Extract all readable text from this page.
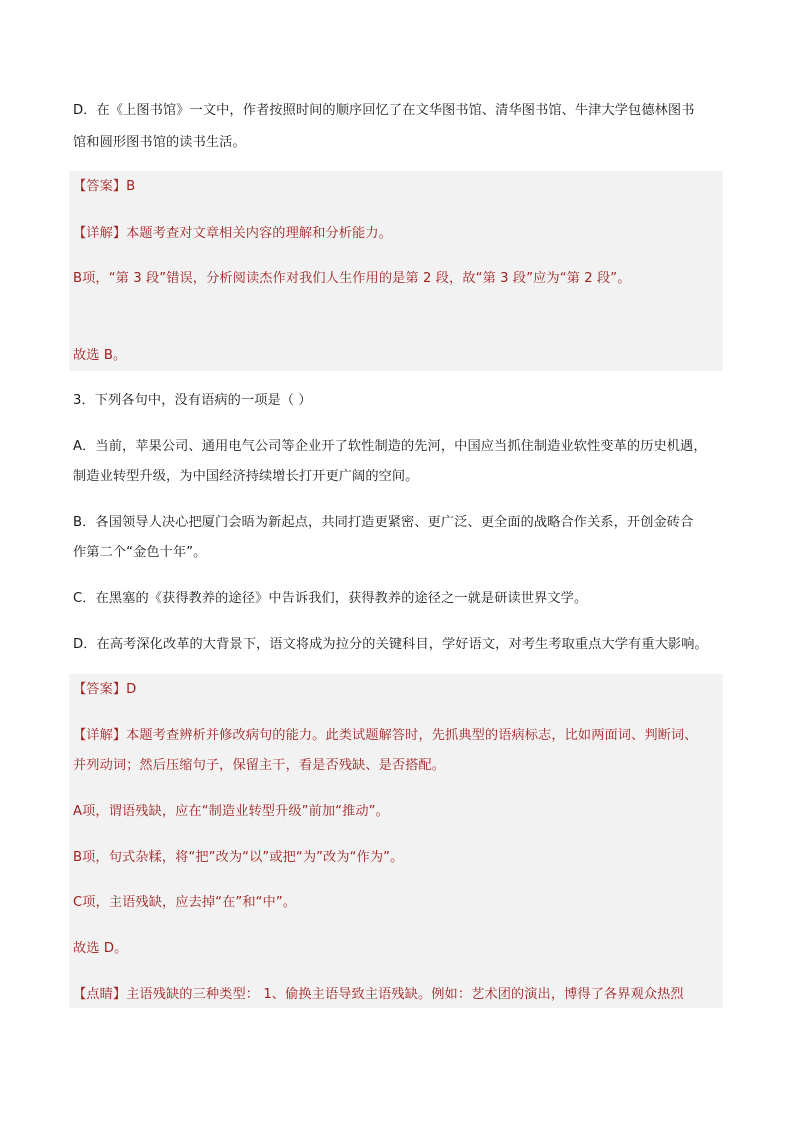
D．在《上图书馆》一文中，作者按照时间的顺序回忆了在文华图书馆、清华图书馆、牛津大学包德林图书
馆和圆形图书馆的读书生活。
【答案】B
【详解】本题考查对文章相关内容的理解和分析能力。
B项，“第 3 段”错误，分析阅读杰作对我们人生作用的是第 2 段，故“第 3 段”应为“第 2 段”。
故选 B。
3．下列各句中，没有语病的一项是（ ）
A．当前，苹果公司、通用电气公司等企业开了软性制造的先河，中国应当抓住制造业软性变革的历史机遇，
制造业转型升级，为中国经济持续增长打开更广阔的空间。
B．各国领导人决心把厦门会晤为新起点，共同打造更紧密、更广泛、更全面的战略合作关系，开创金砖合
作第二个“金色十年”。
C．在黑塞的《获得教养的途径》中告诉我们，获得教养的途径之一就是研读世界文学。
D．在高考深化改革的大背景下，语文将成为拉分的关键科目，学好语文，对考生考取重点大学有重大影响。
【答案】D
【详解】本题考查辨析并修改病句的能力。此类试题解答时，先抓典型的语病标志，比如两面词、判断词、
并列动词；然后压缩句子，保留主干，看是否残缺、是否搭配。
A项，谓语残缺，应在“制造业转型升级”前加“推动”。
B项，句式杂糅，将“把”改为“以”或把“为”改为“作为”。
C项，主语残缺，应去掉“在”和“中”。
故选 D。
【点睛】主语残缺的三种类型： 1、偷换主语导致主语残缺。例如：艺术团的演出，博得了各界观众热烈
